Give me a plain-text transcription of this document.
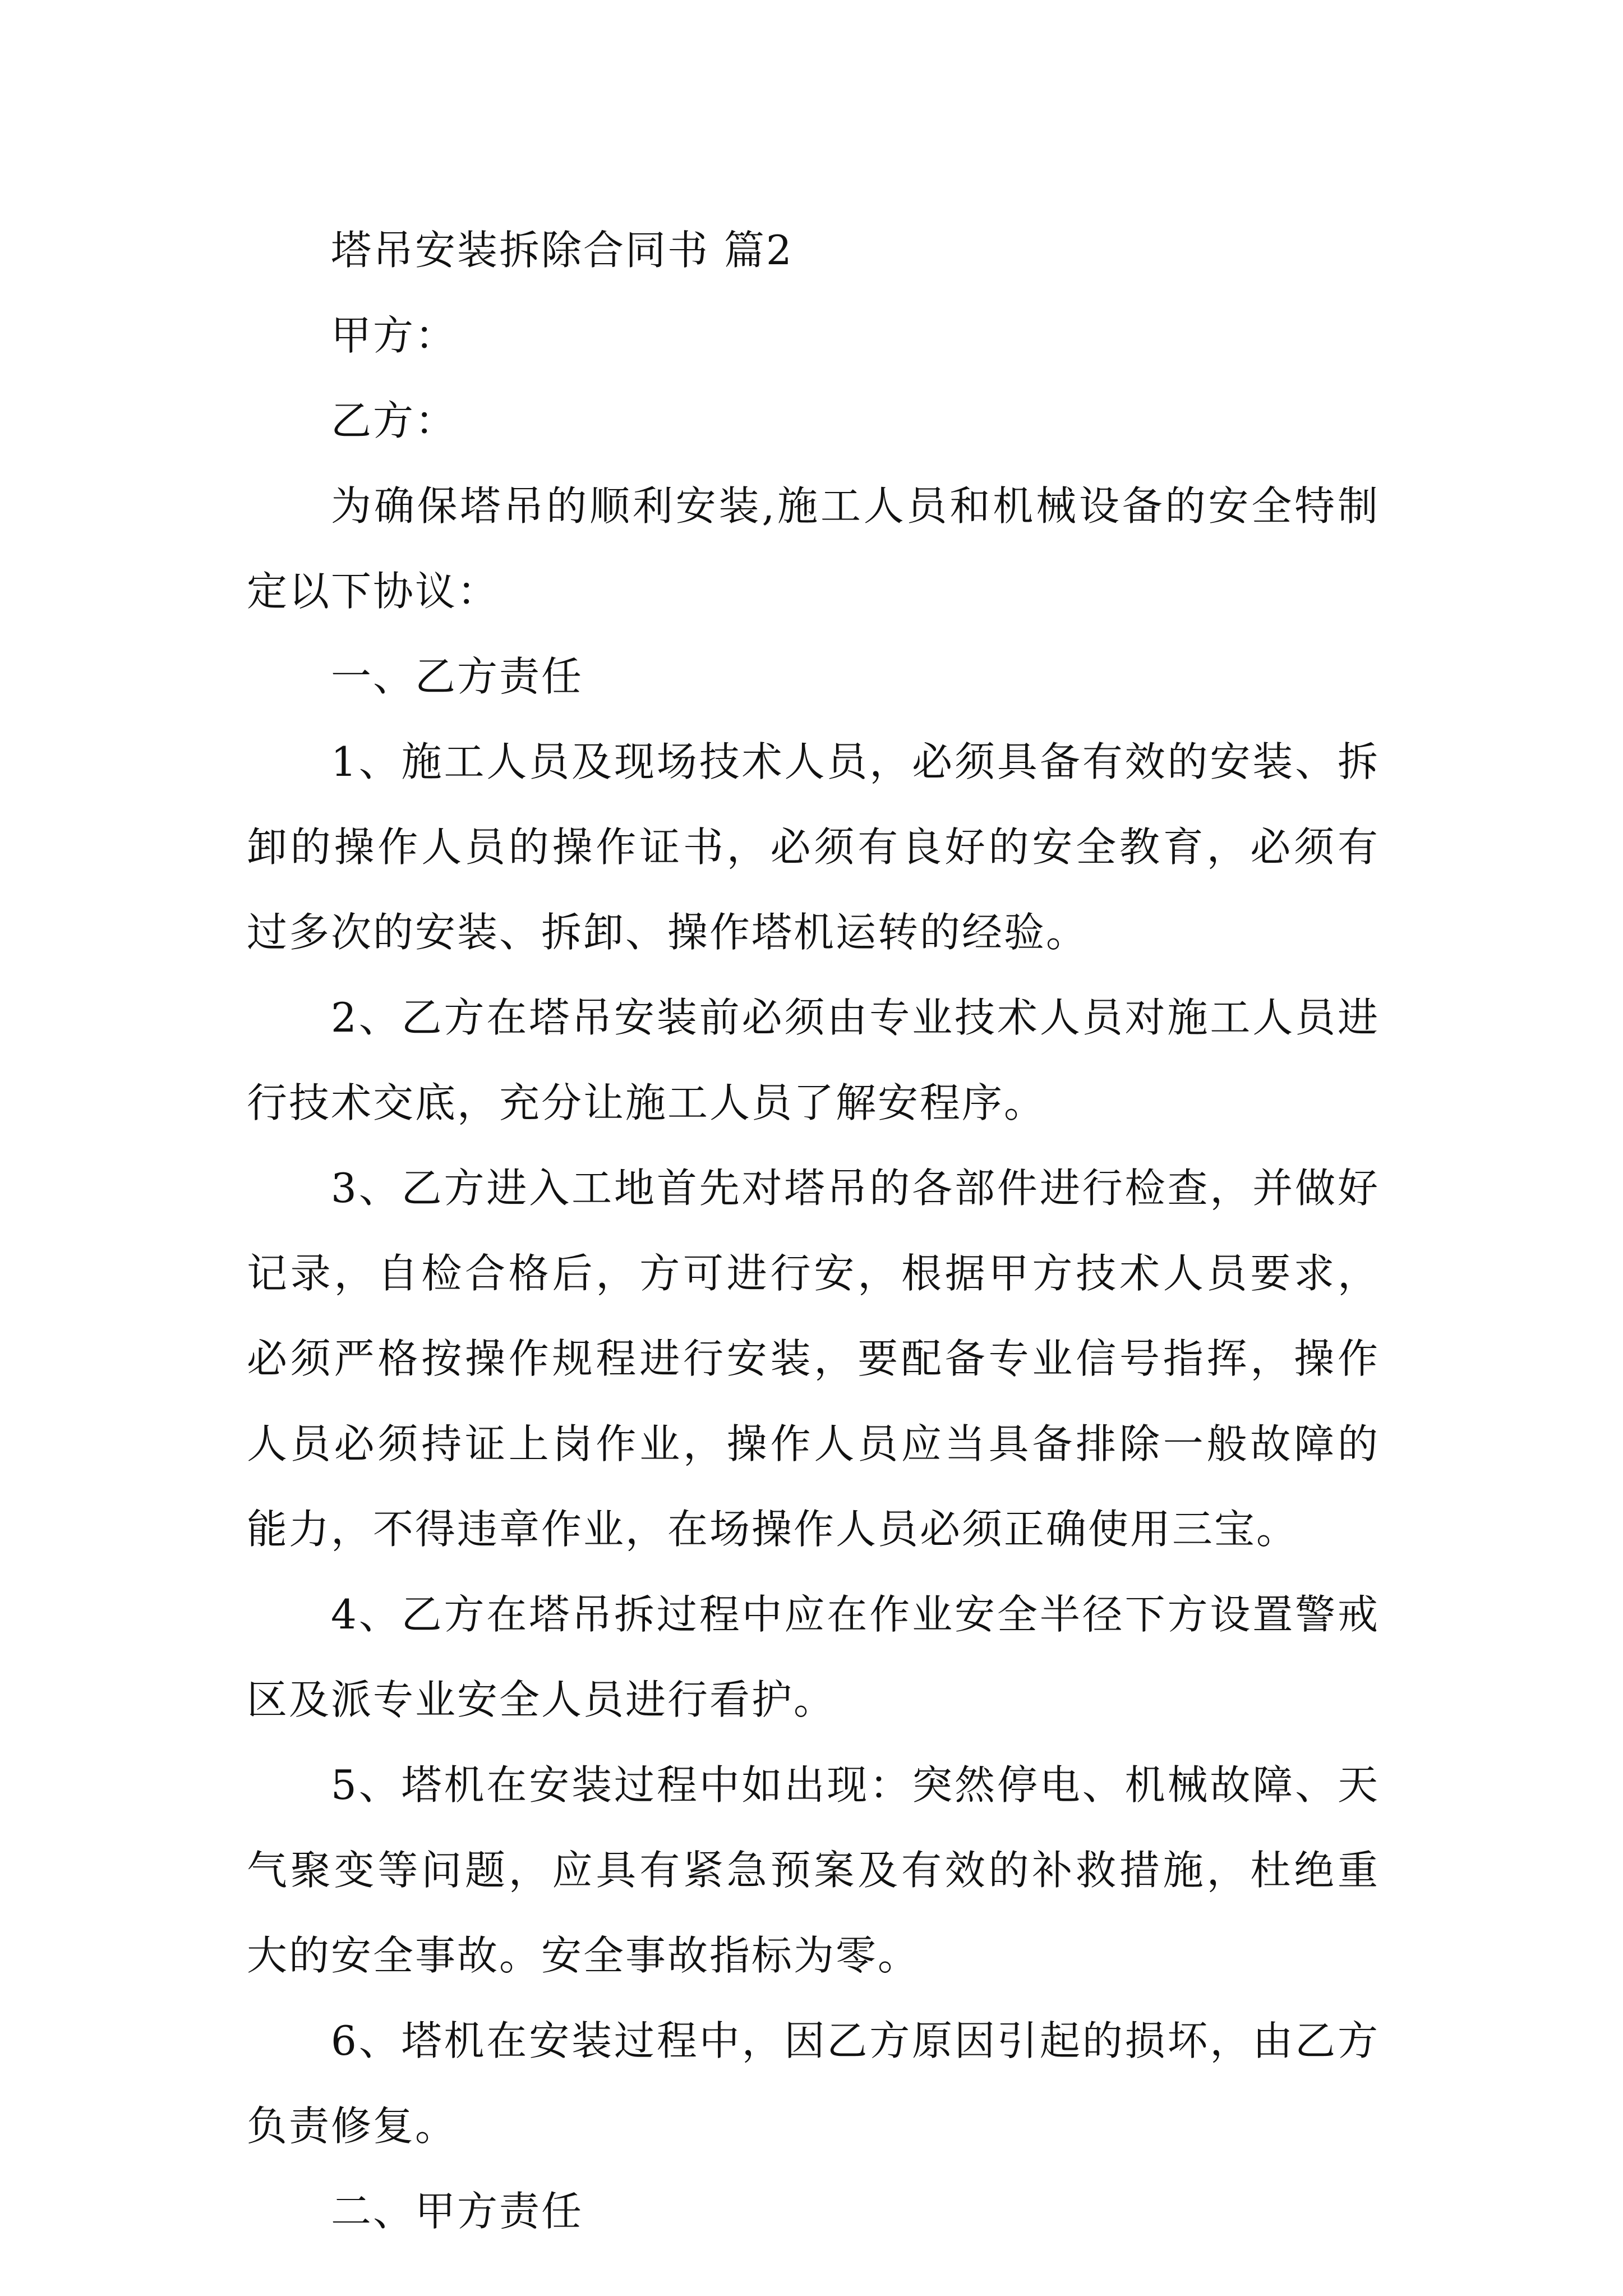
塔吊安装拆除合同书 篇2

甲方：

乙方：

为确保塔吊的顺利安装,施工人员和机械设备的安全特制定以下协议：

一、乙方责任

1、施工人员及现场技术人员，必须具备有效的安装、拆卸的操作人员的操作证书，必须有良好的安全教育，必须有过多次的安装、拆卸、操作塔机运转的经验。

2、乙方在塔吊安装前必须由专业技术人员对施工人员进行技术交底，充分让施工人员了解安程序。

3、乙方进入工地首先对塔吊的各部件进行检查，并做好记录，自检合格后，方可进行安，根据甲方技术人员要求，必须严格按操作规程进行安装，要配备专业信号指挥，操作人员必须持证上岗作业，操作人员应当具备排除一般故障的能力，不得违章作业，在场操作人员必须正确使用三宝。

4、乙方在塔吊拆过程中应在作业安全半径下方设置警戒区及派专业安全人员进行看护。

5、塔机在安装过程中如出现：突然停电、机械故障、天气聚变等问题，应具有紧急预案及有效的补救措施，杜绝重大的安全事故。安全事故指标为零。

6、塔机在安装过程中，因乙方原因引起的损坏，由乙方负责修复。

二、甲方责任
